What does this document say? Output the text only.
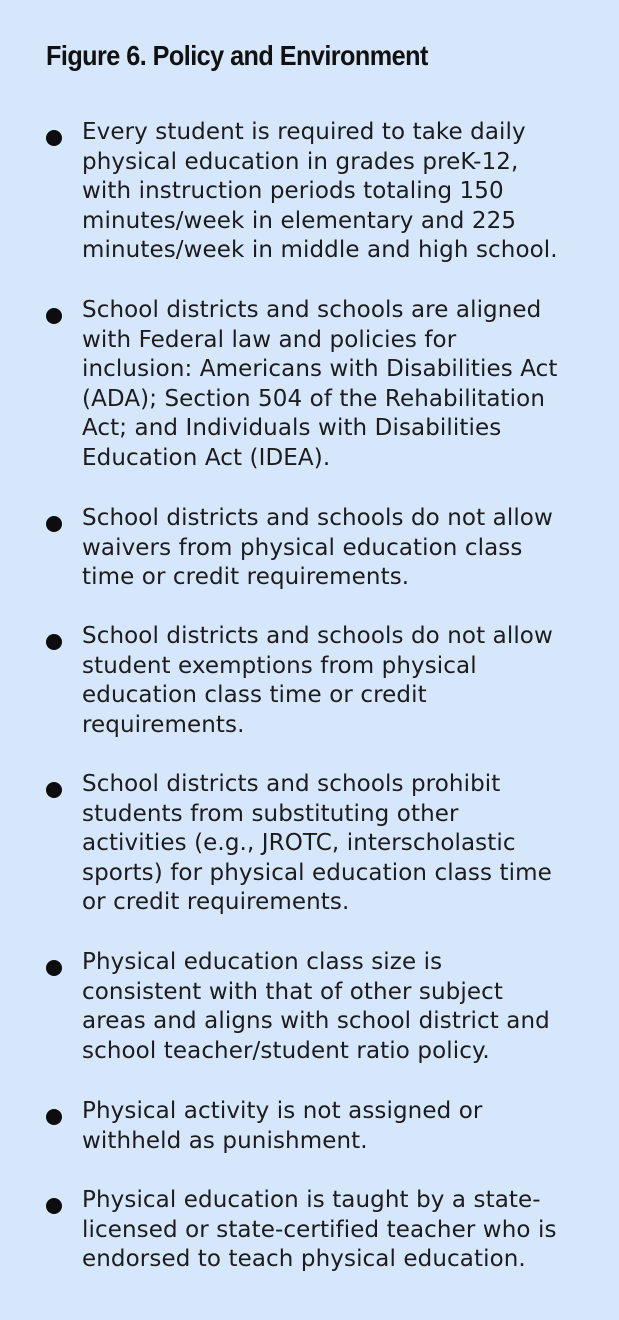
Figure 6. Policy and Environment

Every student is required to take daily
physical education in grades preK-12,
with instruction periods totaling 150
minutes/week in elementary and 225
minutes/week in middle and high school.

School districts and schools are aligned
with Federal law and policies for
inclusion: Americans with Disabilities Act
(ADA); Section 504 of the Rehabilitation
Act; and Individuals with Disabilities
Education Act (IDEA).

School districts and schools do not allow
waivers from physical education class
time or credit requirements.

School districts and schools do not allow
student exemptions from physical
education class time or credit
requirements.

School districts and schools prohibit
students from substituting other
activities (e.g., JROTC, interscholastic
sports) for physical education class time
or credit requirements.

Physical education class size is
consistent with that of other subject
areas and aligns with school district and
school teacher/student ratio policy.

Physical activity is not assigned or
withheld as punishment.

Physical education is taught by a state-
licensed or state-certified teacher who is
endorsed to teach physical education.
